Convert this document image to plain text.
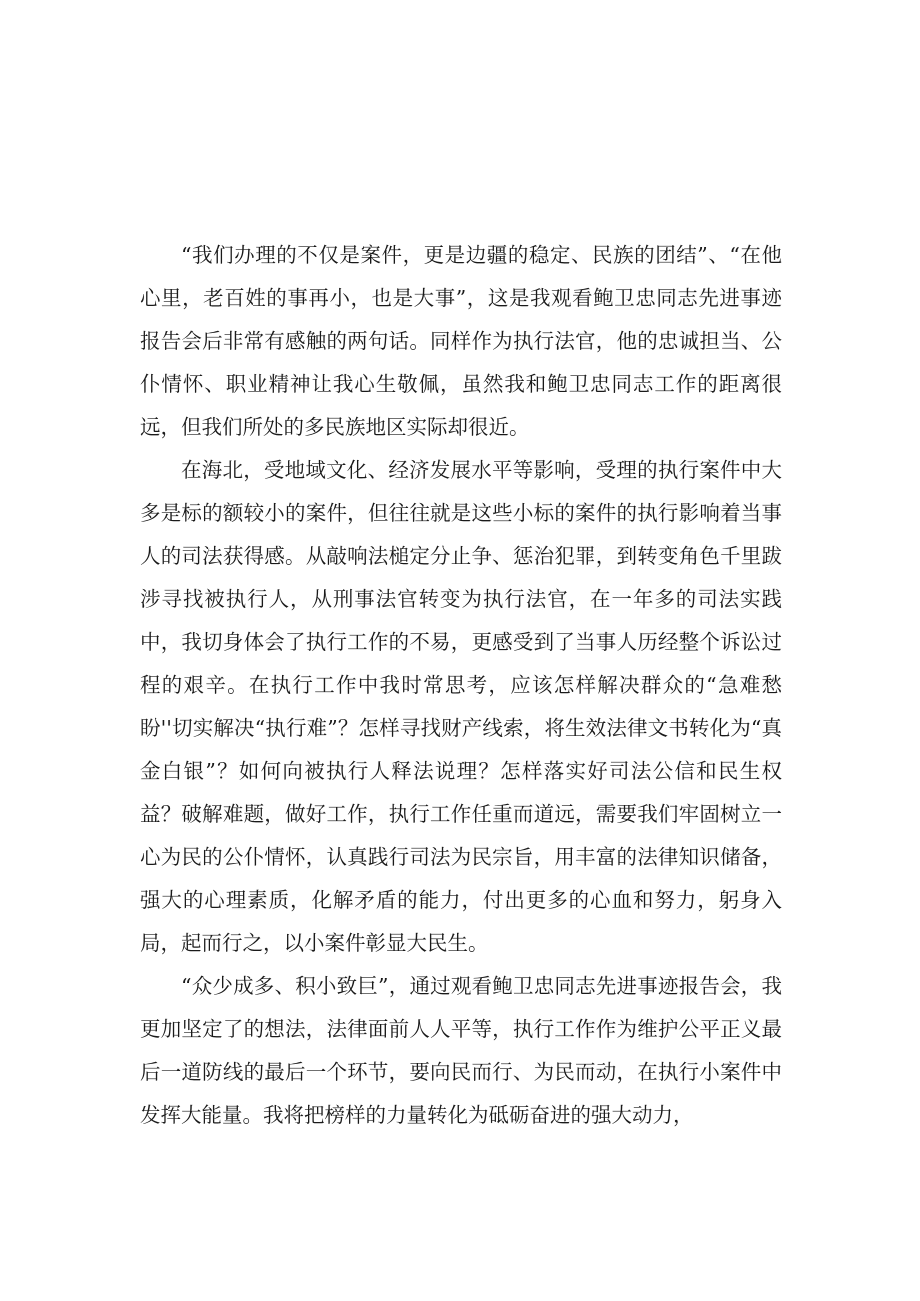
“我们办理的不仅是案件，更是边疆的稳定、民族的团结”、“在他心里，老百姓的事再小，也是大事”，这是我观看鲍卫忠同志先进事迹报告会后非常有感触的两句话。同样作为执行法官，他的忠诚担当、公仆情怀、职业精神让我心生敬佩，虽然我和鲍卫忠同志工作的距离很远，但我们所处的多民族地区实际却很近。

在海北，受地域文化、经济发展水平等影响，受理的执行案件中大多是标的额较小的案件，但往往就是这些小标的案件的执行影响着当事人的司法获得感。从敲响法槌定分止争、惩治犯罪，到转变角色千里跋涉寻找被执行人，从刑事法官转变为执行法官，在一年多的司法实践中，我切身体会了执行工作的不易，更感受到了当事人历经整个诉讼过程的艰辛。在执行工作中我时常思考，应该怎样解决群众的“急难愁盼''切实解决“执行难”？怎样寻找财产线索，将生效法律文书转化为“真金白银”？如何向被执行人释法说理？怎样落实好司法公信和民生权益？破解难题，做好工作，执行工作任重而道远，需要我们牢固树立一心为民的公仆情怀，认真践行司法为民宗旨，用丰富的法律知识储备，强大的心理素质，化解矛盾的能力，付出更多的心血和努力，躬身入局，起而行之，以小案件彰显大民生。

“众少成多、积小致巨”，通过观看鲍卫忠同志先进事迹报告会，我更加坚定了的想法，法律面前人人平等，执行工作作为维护公平正义最后一道防线的最后一个环节，要向民而行、为民而动，在执行小案件中发挥大能量。我将把榜样的力量转化为砥砺奋进的强大动力，
